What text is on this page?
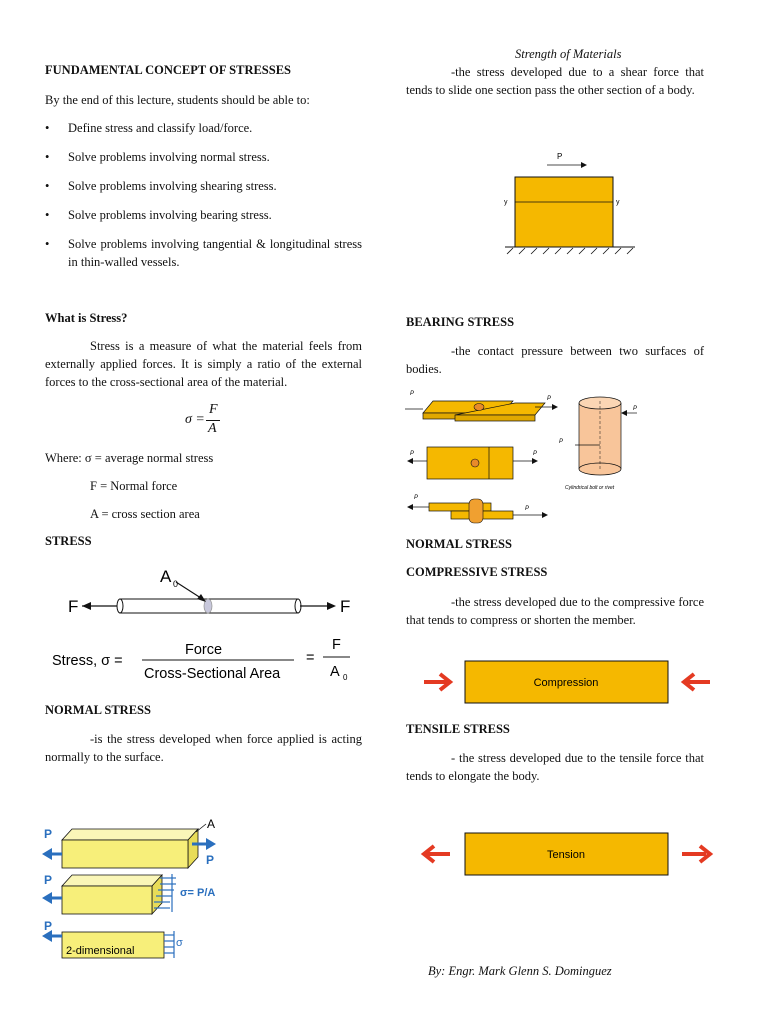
Strength of Materials
FUNDAMENTAL CONCEPT OF STRESSES
By the end of this lecture, students should be able to:
• Define stress and classify load/force.
• Solve problems involving normal stress.
• Solve problems involving shearing stress.
• Solve problems involving bearing stress.
• Solve problems involving tangential & longitudinal stress in thin-walled vessels.
What is Stress?
Stress is a measure of what the material feels from externally applied forces. It is simply a ratio of the external forces to the cross-sectional area of the material.
σ =
F
A
Where: σ = average normal stress
F = Normal force
A = cross section area
STRESS
F	F
A 0
Stress, σ =
Force
Cross-Sectional Area
=
F
A 0
NORMAL STRESS
-is the stress developed when force applied is acting normally to the surface.
P
P
A
P
σ= P/A
2-dimensional
P
σ
-the stress developed due to a shear force that tends to slide one section pass the other section of a body.
P
y	y
BEARING STRESS
-the contact pressure between two surfaces of bodies.
P
P
P	P
P
P
P
P
Cylindrical bolt or rivet
NORMAL STRESS
COMPRESSIVE STRESS
-the stress developed due to the compressive force that tends to compress or shorten the member.
Compression
TENSILE STRESS
- the stress developed due to the tensile force that tends to elongate the body.
Tension
By: Engr. Mark Glenn S. Dominguez
